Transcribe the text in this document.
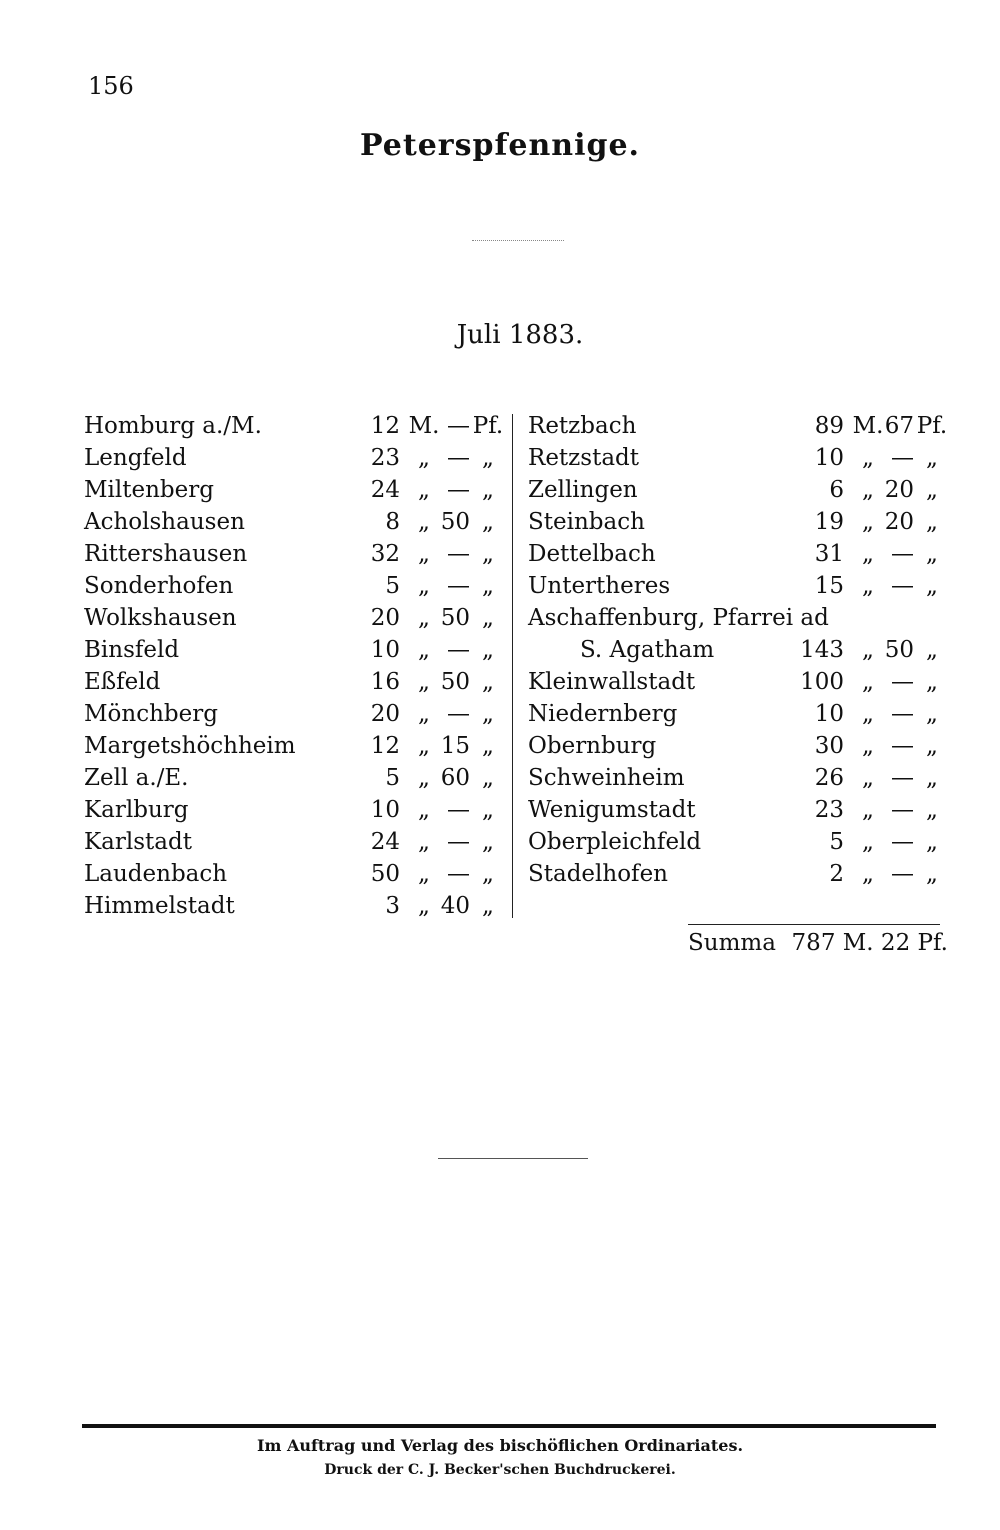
156
Peterspfennige.
Juli 1883.
Homburg a./M.	12 M. — Pf.
Lengfeld	23 „ — „
Miltenberg	24 „ — „
Acholshausen	8 „ 50 „
Rittershausen	32 „ — „
Sonderhofen	5 „ — „
Wolkshausen	20 „ 50 „
Binsfeld	10 „ — „
Eßfeld	16 „ 50 „
Mönchberg	20 „ — „
Margetshöchheim	12 „ 15 „
Zell a./E.	5 „ 60 „
Karlburg	10 „ — „
Karlstadt	24 „ — „
Laudenbach	50 „ — „
Himmelstadt	3 „ 40 „
Retzbach	89 M. 67 Pf.
Retzstadt	10 „ — „
Zellingen	6 „ 20 „
Steinbach	19 „ 20 „
Dettelbach	31 „ — „
Untertheres	15 „ — „
Aschaffenburg, Pfarrei ad
S. Agatham	143 „ 50 „
Kleinwallstadt	100 „ — „
Niedernberg	10 „ — „
Obernburg	30 „ — „
Schweinheim	26 „ — „
Wenigumstadt	23 „ — „
Oberpleichfeld	5 „ — „
Stadelhofen	2 „ — „
Summa 787 M. 22 Pf.
Im Auftrag und Verlag des bischöflichen Ordinariates.
Druck der C. J. Becker'schen Buchdruckerei.
